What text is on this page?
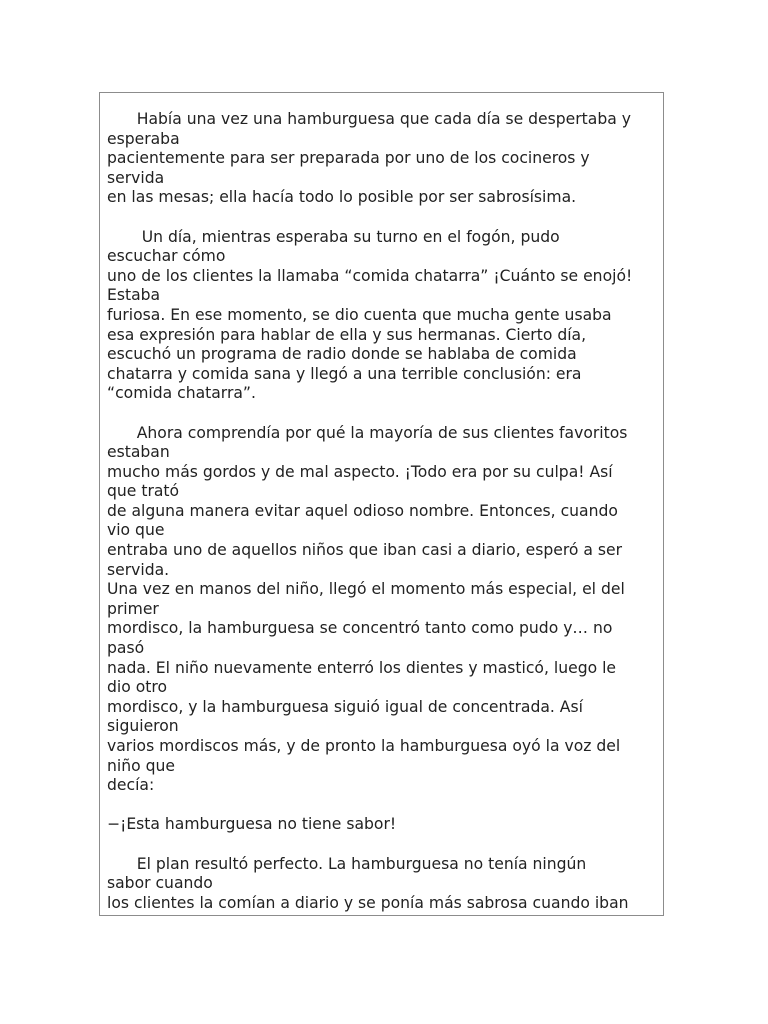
Había una vez una hamburguesa que cada día se despertaba y
esperaba
pacientemente para ser preparada por uno de los cocineros y
servida
en las mesas; ella hacía todo lo posible por ser sabrosísima.
Un día, mientras esperaba su turno en el fogón, pudo
escuchar cómo
uno de los clientes la llamaba “comida chatarra” ¡Cuánto se enojó!
Estaba
furiosa. En ese momento, se dio cuenta que mucha gente usaba
esa expresión para hablar de ella y sus hermanas. Cierto día,
escuchó un programa de radio donde se hablaba de comida
chatarra y comida sana y llegó a una terrible conclusión: era
“comida chatarra”.
Ahora comprendía por qué la mayoría de sus clientes favoritos
estaban
mucho más gordos y de mal aspecto. ¡Todo era por su culpa! Así
que trató
de alguna manera evitar aquel odioso nombre. Entonces, cuando
vio que
entraba uno de aquellos niños que iban casi a diario, esperó a ser
servida.
Una vez en manos del niño, llegó el momento más especial, el del
primer
mordisco, la hamburguesa se concentró tanto como pudo y… no
pasó
nada. El niño nuevamente enterró los dientes y masticó, luego le
dio otro
mordisco, y la hamburguesa siguió igual de concentrada. Así
siguieron
varios mordiscos más, y de pronto la hamburguesa oyó la voz del
niño que
decía:
−¡Esta hamburguesa no tiene sabor!
El plan resultó perfecto. La hamburguesa no tenía ningún
sabor cuando
los clientes la comían a diario y se ponía más sabrosa cuando iban
